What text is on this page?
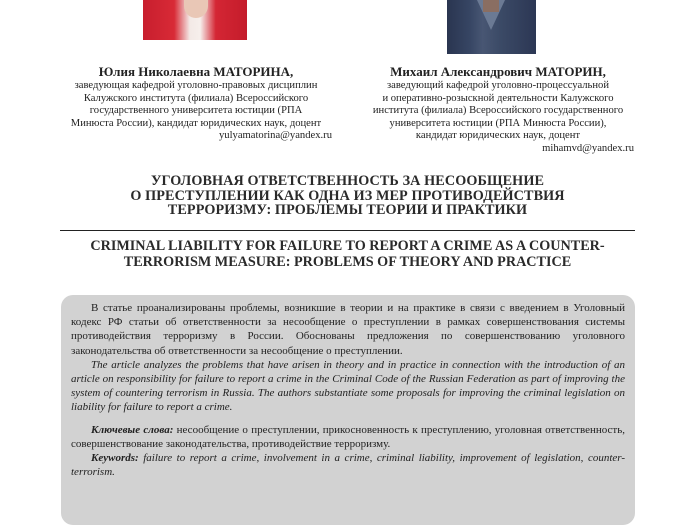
Юлия Николаевна МАТОРИНА,
заведующая кафедрой уголовно-правовых дисциплин
Калужского института (филиала) Всероссийского
государственного университета юстиции (РПА
Минюста России), кандидат юридических наук, доцент
yulyamatorina@yandex.ru
Михаил Александрович МАТОРИН,
заведующий кафедрой уголовно-процессуальной
и оперативно-розыскной деятельности Калужского
института (филиала) Всероссийского государственного
университета юстиции (РПА Минюста России),
кандидат юридических наук, доцент
mihamvd@yandex.ru
УГОЛОВНАЯ ОТВЕТСТВЕННОСТЬ ЗА НЕСООБЩЕНИЕ
О ПРЕСТУПЛЕНИИ КАК ОДНА ИЗ МЕР ПРОТИВОДЕЙСТВИЯ
ТЕРРОРИЗМУ: ПРОБЛЕМЫ ТЕОРИИ И ПРАКТИКИ
CRIMINAL LIABILITY FOR FAILURE TO REPORT A CRIME AS A COUNTER-
TERRORISM MEASURE: PROBLEMS OF THEORY AND PRACTICE

В статье проанализированы проблемы, возникшие в теории и на практике в связи с введением в Уголовный кодекс РФ статьи об ответственности за несообщение о преступлении в рамках совершенствования системы противодействия терроризму в России. Обоснованы предложения по совершенствованию уголовного законодательства об ответственности за несообщение о преступлении.

The article analyzes the problems that have arisen in theory and in practice in connection with the introduction of an article on responsibility for failure to report a crime in the Criminal Code of the Russian Federation as part of improving the system of countering terrorism in Russia. The authors substantiate some proposals for improving the criminal legislation on liability for failure to report a crime.

Ключевые слова: несообщение о преступлении, прикосновенность к преступлению, уголовная ответственность, совершенствование законодательства, противодействие терроризму.

Keywords: failure to report a crime, involvement in a crime, criminal liability, improvement of legislation, counter-terrorism.
